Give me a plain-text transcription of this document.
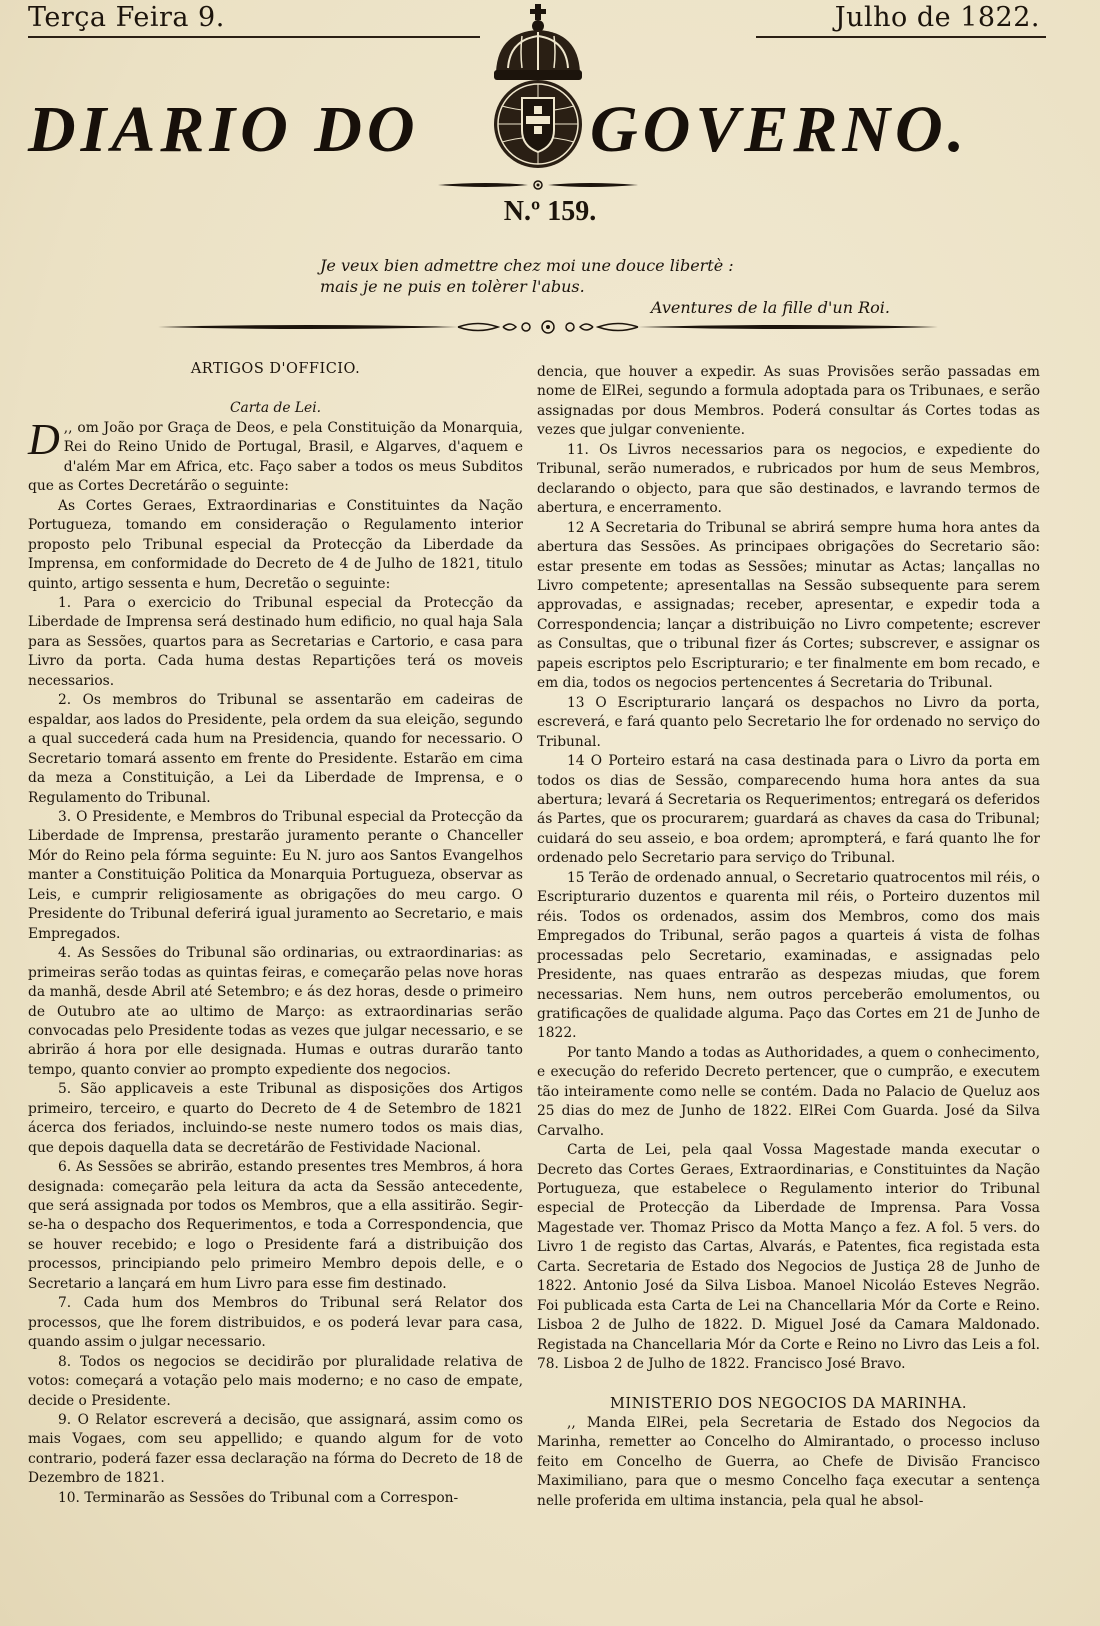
Terça Feira 9.	Julho de 1822.
DIARIO DO	GOVERNO.
N.º 159.
Je veux bien admettre chez moi une douce libertè :
mais je ne puis en tolèrer l'abus.
Aventures de la fille d'un Roi.

ARTIGOS D'OFFICIO.

Carta de Lei.

D ,, om João por Graça de Deos, e pela Constituição da Monarquia, Rei do Reino Unido de Portugal, Brasil, e Algarves, d'aquem e d'além Mar em Africa, etc. Faço saber a todos os meus Subditos que as Cortes Decretárão o seguinte:

As Cortes Geraes, Extraordinarias e Constituintes da Nação Portugueza, tomando em consideração o Regulamento interior proposto pelo Tribunal especial da Protecção da Liberdade da Imprensa, em conformidade do Decreto de 4 de Julho de 1821, titulo quinto, artigo sessenta e hum, Decretão o seguinte:

1. Para o exercicio do Tribunal especial da Protecção da Liberdade de Imprensa será destinado hum edificio, no qual haja Sala para as Sessões, quartos para as Secretarias e Cartorio, e casa para Livro da porta. Cada huma destas Repartições terá os moveis necessarios.

2. Os membros do Tribunal se assentarão em cadeiras de espaldar, aos lados do Presidente, pela ordem da sua eleição, segundo a qual succederá cada hum na Presidencia, quando for necessario. O Secretario tomará assento em frente do Presidente. Estarão em cima da meza a Constituição, a Lei da Liberdade de Imprensa, e o Regulamento do Tribunal.

3. O Presidente, e Membros do Tribunal especial da Protecção da Liberdade de Imprensa, prestarão juramento perante o Chanceller Mór do Reino pela fórma seguinte: Eu N. juro aos Santos Evangelhos manter a Constituição Politica da Monarquia Portugueza, observar as Leis, e cumprir religiosamente as obrigações do meu cargo. O Presidente do Tribunal deferirá igual juramento ao Secretario, e mais Empregados.

4. As Sessões do Tribunal são ordinarias, ou extraordinarias: as primeiras serão todas as quintas feiras, e começarão pelas nove horas da manhã, desde Abril até Setembro; e ás dez horas, desde o primeiro de Outubro ate ao ultimo de Março: as extraordinarias serão convocadas pelo Presidente todas as vezes que julgar necessario, e se abrirão á hora por elle designada. Humas e outras durarão tanto tempo, quanto convier ao prompto expediente dos negocios.

5. São applicaveis a este Tribunal as disposições dos Artigos primeiro, terceiro, e quarto do Decreto de 4 de Setembro de 1821 ácerca dos feriados, incluindo-se neste numero todos os mais dias, que depois daquella data se decretárão de Festividade Nacional.

6. As Sessões se abrirão, estando presentes tres Membros, á hora designada: começarão pela leitura da acta da Sessão antecedente, que será assignada por todos os Membros, que a ella assitirão. Segir-se-ha o despacho dos Requerimentos, e toda a Correspondencia, que se houver recebido; e logo o Presidente fará a distribuição dos processos, principiando pelo primeiro Membro depois delle, e o Secretario a lançará em hum Livro para esse fim destinado.

7. Cada hum dos Membros do Tribunal será Relator dos processos, que lhe forem distribuidos, e os poderá levar para casa, quando assim o julgar necessario.

8. Todos os negocios se decidirão por pluralidade relativa de votos: começará a votação pelo mais moderno; e no caso de empate, decide o Presidente.

9. O Relator escreverá a decisão, que assignará, assim como os mais Vogaes, com seu appellido; e quando algum for de voto contrario, poderá fazer essa declaração na fórma do Decreto de 18 de Dezembro de 1821.

10. Terminarão as Sessões do Tribunal com a Correspon-

dencia, que houver a expedir. As suas Provisões serão passadas em nome de ElRei, segundo a formula adoptada para os Tribunaes, e serão assignadas por dous Membros. Poderá consultar ás Cortes todas as vezes que julgar conveniente.

11. Os Livros necessarios para os negocios, e expediente do Tribunal, serão numerados, e rubricados por hum de seus Membros, declarando o objecto, para que são destinados, e lavrando termos de abertura, e encerramento.

12 A Secretaria do Tribunal se abrirá sempre huma hora antes da abertura das Sessões. As principaes obrigações do Secretario são: estar presente em todas as Sessões; minutar as Actas; lançallas no Livro competente; apresentallas na Sessão subsequente para serem approvadas, e assignadas; receber, apresentar, e expedir toda a Correspondencia; lançar a distribuição no Livro competente; escrever as Consultas, que o tribunal fizer ás Cortes; subscrever, e assignar os papeis escriptos pelo Escripturario; e ter finalmente em bom recado, e em dia, todos os negocios pertencentes á Secretaria do Tribunal.

13 O Escripturario lançará os despachos no Livro da porta, escreverá, e fará quanto pelo Secretario lhe for ordenado no serviço do Tribunal.

14 O Porteiro estará na casa destinada para o Livro da porta em todos os dias de Sessão, comparecendo huma hora antes da sua abertura; levará á Secretaria os Requerimentos; entregará os deferidos ás Partes, que os procurarem; guardará as chaves da casa do Tribunal; cuidará do seu asseio, e boa ordem; aprompterá, e fará quanto lhe for ordenado pelo Secretario para serviço do Tribunal.

15 Terão de ordenado annual, o Secretario quatrocentos mil réis, o Escripturario duzentos e quarenta mil réis, o Porteiro duzentos mil réis. Todos os ordenados, assim dos Membros, como dos mais Empregados do Tribunal, serão pagos a quarteis á vista de folhas processadas pelo Secretario, examinadas, e assignadas pelo Presidente, nas quaes entrarão as despezas miudas, que forem necessarias. Nem huns, nem outros perceberão emolumentos, ou gratificações de qualidade alguma. Paço das Cortes em 21 de Junho de 1822.

Por tanto Mando a todas as Authoridades, a quem o conhecimento, e execução do referido Decreto pertencer, que o cumprão, e executem tão inteiramente como nelle se contém. Dada no Palacio de Queluz aos 25 dias do mez de Junho de 1822. ElRei Com Guarda. José da Silva Carvalho.

Carta de Lei, pela qaal Vossa Magestade manda executar o Decreto das Cortes Geraes, Extraordinarias, e Constituintes da Nação Portugueza, que estabelece o Regulamento interior do Tribunal especial de Protecção da Liberdade de Imprensa. Para Vossa Magestade ver. Thomaz Prisco da Motta Manço a fez. A fol. 5 vers. do Livro 1 de registo das Cartas, Alvarás, e Patentes, fica registada esta Carta. Secretaria de Estado dos Negocios de Justiça 28 de Junho de 1822. Antonio José da Silva Lisboa. Manoel Nicoláo Esteves Negrão. Foi publicada esta Carta de Lei na Chancellaria Mór da Corte e Reino. Lisboa 2 de Julho de 1822. D. Miguel José da Camara Maldonado. Registada na Chancellaria Mór da Corte e Reino no Livro das Leis a fol. 78. Lisboa 2 de Julho de 1822. Francisco José Bravo.

MINISTERIO DOS NEGOCIOS DA MARINHA.

,, Manda ElRei, pela Secretaria de Estado dos Negocios da Marinha, remetter ao Concelho do Almirantado, o processo incluso feito em Concelho de Guerra, ao Chefe de Divisão Francisco Maximiliano, para que o mesmo Concelho faça executar a sentença nelle proferida em ultima instancia, pela qual he absol-
